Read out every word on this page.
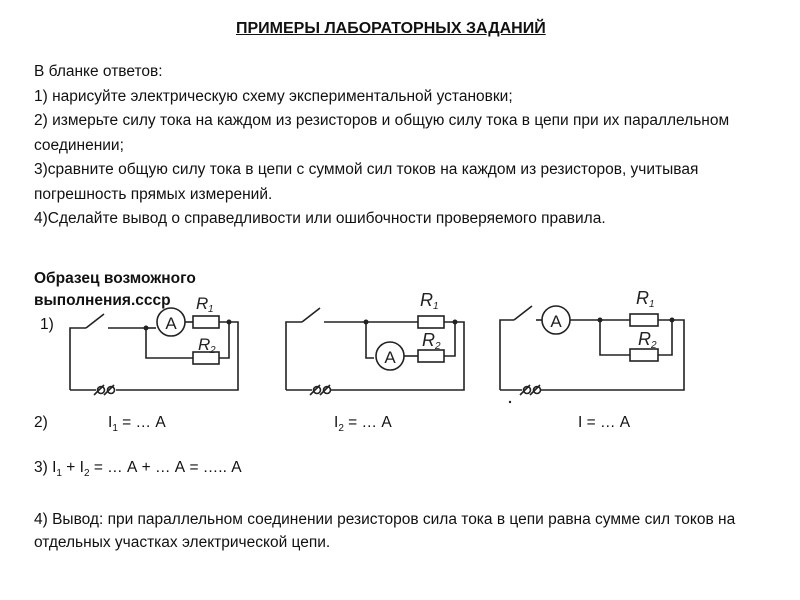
ПРИМЕРЫ ЛАБОРАТОРНЫХ ЗАДАНИЙ

В бланке ответов:

1) нарисуйте электрическую схему экспериментальной установки;

2) измерьте силу тока на каждом из резисторов и общую силу тока в цепи при их параллельном соединении;

3)сравните общую силу тока в цепи с суммой сил токов на каждом из резисторов, учитывая погрешность прямых измерений.

4)Сделайте вывод о справедливости или ошибочности проверяемого правила.

Образец возможного выполнения.ссср
1)	A
R 1
R 2	A
R 1
R 2
A
R 1
R 2
2)	$I_1$ = … А	$I_2$ = … А	I = … А
3) $I_1 + I_2$ = … А + … А = ….. А
4) Вывод: при параллельном соединении резисторов сила тока в цепи равна сумме сил токов на отдельных участках электрической цепи.
